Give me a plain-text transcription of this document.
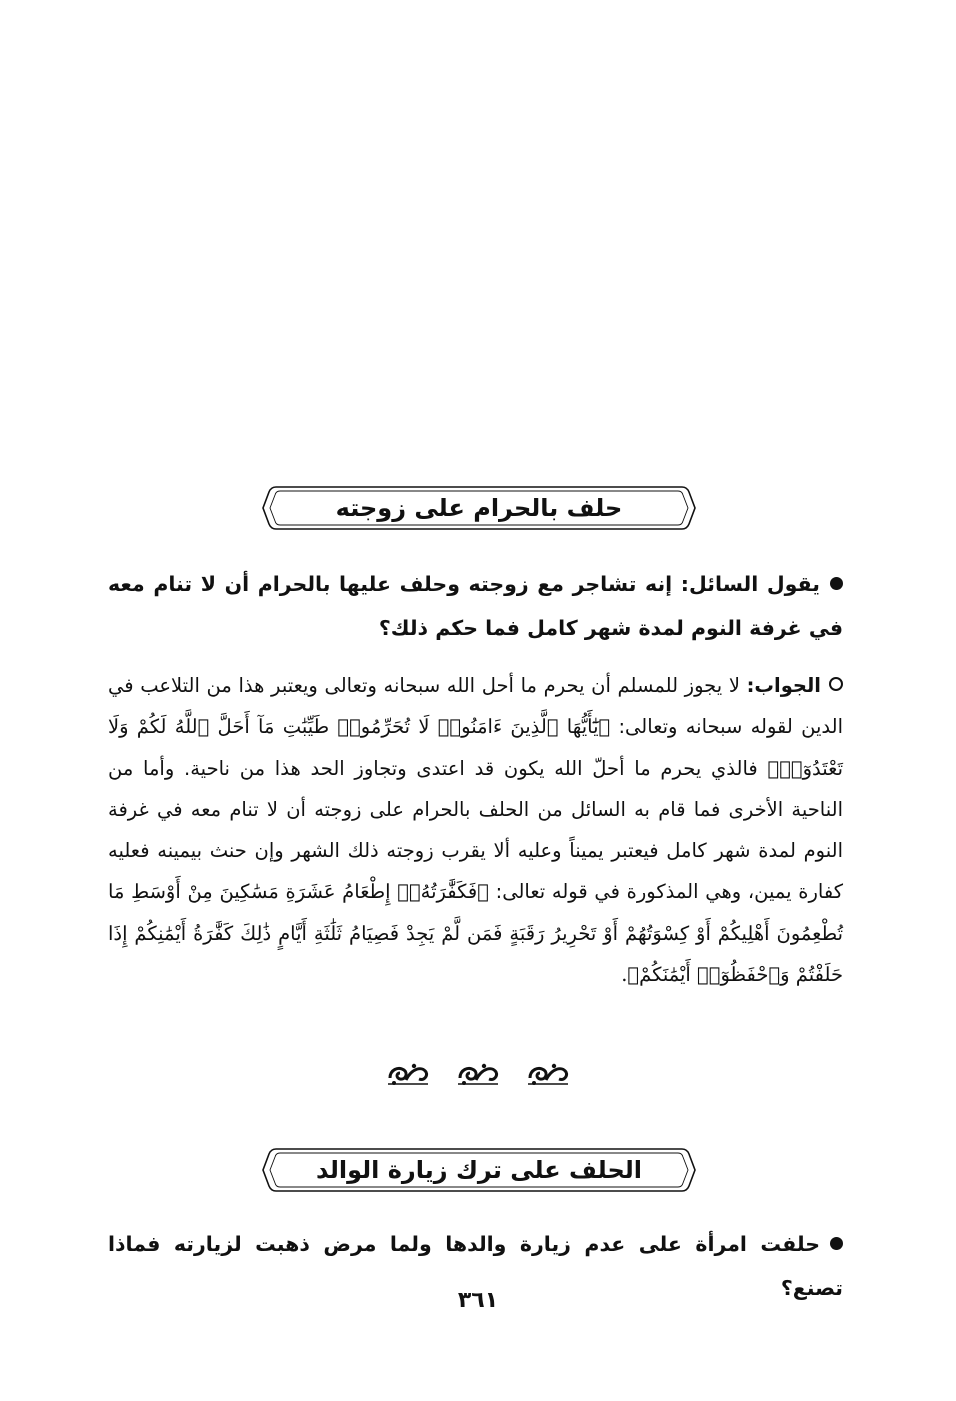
حلف بالحرام على زوجته
يقول السائل: إنه تشاجر مع زوجته وحلف عليها بالحرام أن لا تنام معه في غرفة النوم لمدة شهر كامل فما حكم ذلك؟
الجواب: لا يجوز للمسلم أن يحرم ما أحل الله سبحانه وتعالى ويعتبر هذا من التلاعب في الدين لقوله سبحانه وتعالى: ﴿يَٰٓأَيُّهَا ٱلَّذِينَ ءَامَنُوا۟ لَا تُحَرِّمُوا۟ طَيِّبَٰتِ مَآ أَحَلَّ ٱللَّهُ لَكُمْ وَلَا تَعْتَدُوٓا۟﴾ فالذي يحرم ما أحلّ الله يكون قد اعتدى وتجاوز الحد هذا من ناحية. وأما من الناحية الأخرى فما قام به السائل من الحلف بالحرام على زوجته أن لا تنام معه في غرفة النوم لمدة شهر كامل فيعتبر يميناً وعليه ألا يقرب زوجته ذلك الشهر وإن حنث بيمينه فعليه كفارة يمين، وهي المذكورة في قوله تعالى: ﴿فَكَفَّٰرَتُهُۥٓ إِطْعَامُ عَشَرَةِ مَسَٰكِينَ مِنْ أَوْسَطِ مَا تُطْعِمُونَ أَهْلِيكُمْ أَوْ كِسْوَتُهُمْ أَوْ تَحْرِيرُ رَقَبَةٍ فَمَن لَّمْ يَجِدْ فَصِيَامُ ثَلَٰثَةِ أَيَّامٍ ذَٰلِكَ كَفَّٰرَةُ أَيْمَٰنِكُمْ إِذَا حَلَفْتُمْ وَٱحْفَظُوٓا۟ أَيْمَٰنَكُمْ﴾.
الحلف على ترك زيارة الوالد
حلفت امرأة على عدم زيارة والدها ولما مرض ذهبت لزيارته فماذا تصنع؟
٣٦١
